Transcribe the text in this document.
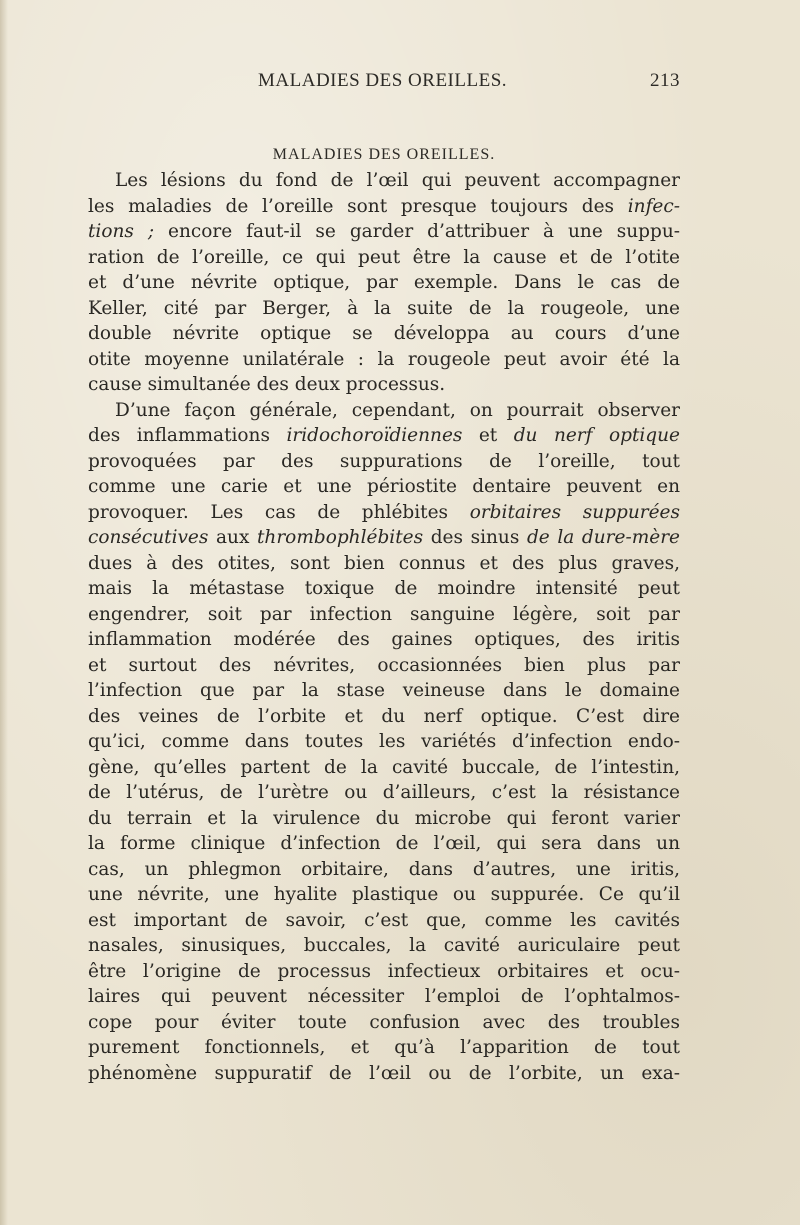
MALADIES DES OREILLES.	213
MALADIES DES OREILLES.
Les lésions du fond de l’œil qui peuvent accompagner
les maladies de l’oreille sont presque toujours des infec-
tions ; encore faut-il se garder d’attribuer à une suppu-
ration de l’oreille, ce qui peut être la cause et de l’otite
et d’une névrite optique, par exemple. Dans le cas de
Keller, cité par Berger, à la suite de la rougeole, une
double névrite optique se développa au cours d’une
otite moyenne unilatérale : la rougeole peut avoir été la
cause simultanée des deux processus.
D’une façon générale, cependant, on pourrait observer
des inflammations iridochoroïdiennes et du nerf optique
provoquées par des suppurations de l’oreille, tout
comme une carie et une périostite dentaire peuvent en
provoquer. Les cas de phlébites orbitaires suppurées
consécutives aux thrombophlébites des sinus de la dure-mère
dues à des otites, sont bien connus et des plus graves,
mais la métastase toxique de moindre intensité peut
engendrer, soit par infection sanguine légère, soit par
inflammation modérée des gaines optiques, des iritis
et surtout des névrites, occasionnées bien plus par
l’infection que par la stase veineuse dans le domaine
des veines de l’orbite et du nerf optique. C’est dire
qu’ici, comme dans toutes les variétés d’infection endo-
gène, qu’elles partent de la cavité buccale, de l’intestin,
de l’utérus, de l’urètre ou d’ailleurs, c’est la résistance
du terrain et la virulence du microbe qui feront varier
la forme clinique d’infection de l’œil, qui sera dans un
cas, un phlegmon orbitaire, dans d’autres, une iritis,
une névrite, une hyalite plastique ou suppurée. Ce qu’il
est important de savoir, c’est que, comme les cavités
nasales, sinusiques, buccales, la cavité auriculaire peut
être l’origine de processus infectieux orbitaires et ocu-
laires qui peuvent nécessiter l’emploi de l’ophtalmos-
cope pour éviter toute confusion avec des troubles
purement fonctionnels, et qu’à l’apparition de tout
phénomène suppuratif de l’œil ou de l’orbite, un exa-
